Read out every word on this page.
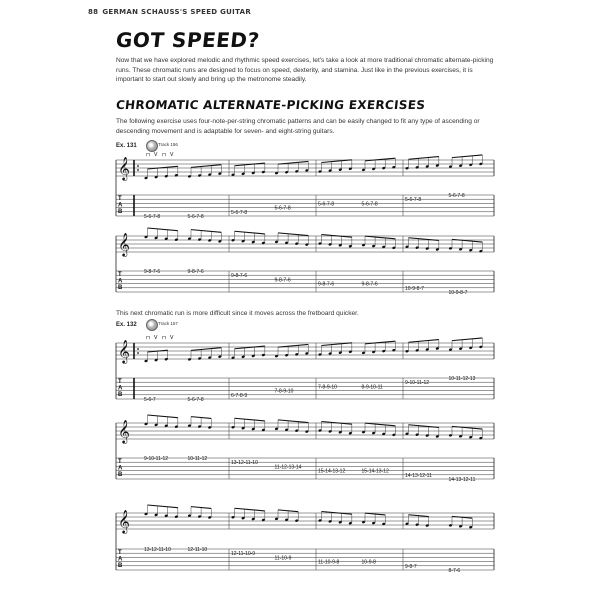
88 GERMAN SCHAUSS'S SPEED GUITAR
GOT SPEED?
Now that we have explored melodic and rhythmic speed exercises, let's take a look at more traditional chromatic alternate-picking runs. These chromatic runs are designed to focus on speed, dexterity, and stamina. Just like in the previous exercises, it is important to start out slowly and bring up the metronome steadily.
CHROMATIC ALTERNATE-PICKING EXERCISES
The following exercise uses four-note-per-string chromatic patterns and can be easily changed to fit any type of ascending or descending movement and is adaptable for seven- and eight-string guitars.
This next chromatic run is more difficult since it moves across the fretboard quicker.
Ex. 131	Track 156
Ex. 132	Track 157
𝄞
T
A
B
5-6-7-8	5-6-7-8
5-6-7-8
5-6-7-8
5-6-7-8	5-6-7-8
5-6-7-8
5-6-7-8
⊓ V ⊓ V
𝄞
T
A
B
9-8-7-6	9-8-7-6
9-8-7-6
9-8-7-6
9-8-7-6	9-8-7-6
10-9-8-7
10-9-8-7
𝄞
T
A
B
5-6-7	5-6-7-8
6-7-8-9
7-8-9-10
7-8-9-10	8-9-10-11
9-10-11-12
10-11-12-13
⊓ V ⊓ V
𝄞
T
A
B
9-10-11-12	10-11-12
13-12-11-10
11-12-13-14
15-14-13-12	15-14-13-12
14-13-12-11
14-13-12-11
𝄞
T
A
B
13-12-11-10	12-11-10
12-11-10-9
11-10-9
11-10-9-8	10-9-8
9-8-7
8-7-6
